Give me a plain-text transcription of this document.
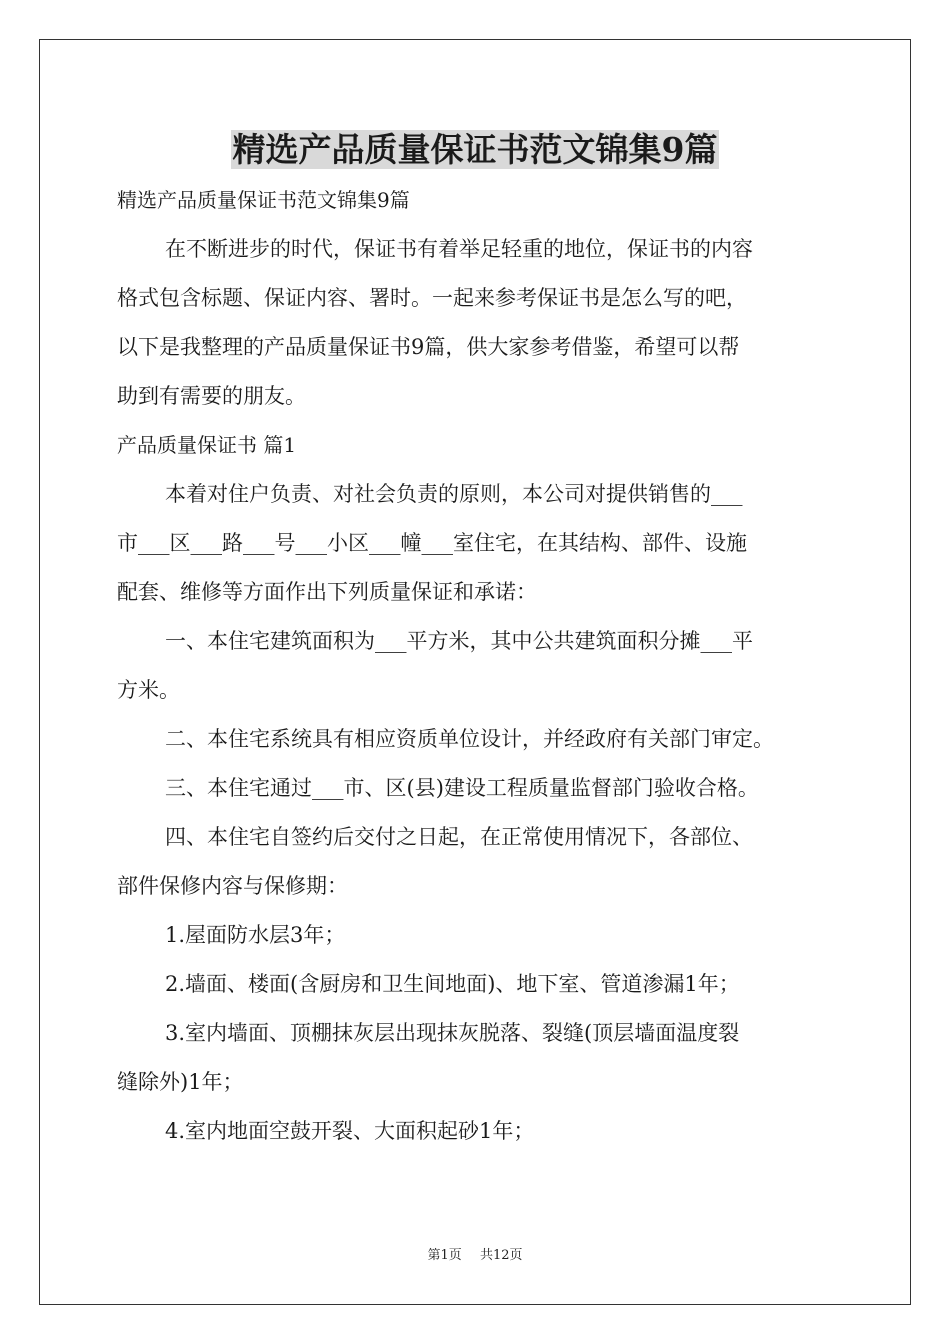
精选产品质量保证书范文锦集9篇

精选产品质量保证书范文锦集9篇

在不断进步的时代，保证书有着举足轻重的地位，保证书的内容

格式包含标题、保证内容、署时。一起来参考保证书是怎么写的吧，

以下是我整理的产品质量保证书9篇，供大家参考借鉴，希望可以帮

助到有需要的朋友。

产品质量保证书 篇1

本着对住户负责、对社会负责的原则，本公司对提供销售的___

市___区___路___号___小区___幢___室住宅，在其结构、部件、设施

配套、维修等方面作出下列质量保证和承诺：

一、本住宅建筑面积为___平方米，其中公共建筑面积分摊___平

方米。

二、本住宅系统具有相应资质单位设计，并经政府有关部门审定。

三、本住宅通过___市、区(县)建设工程质量监督部门验收合格。

四、本住宅自签约后交付之日起，在正常使用情况下，各部位、

部件保修内容与保修期：

1.屋面防水层3年；

2.墙面、楼面(含厨房和卫生间地面)、地下室、管道渗漏1年；

3.室内墙面、顶棚抹灰层出现抹灰脱落、裂缝(顶层墙面温度裂

缝除外)1年；

4.室内地面空鼓开裂、大面积起砂1年；

第1页 共12页
